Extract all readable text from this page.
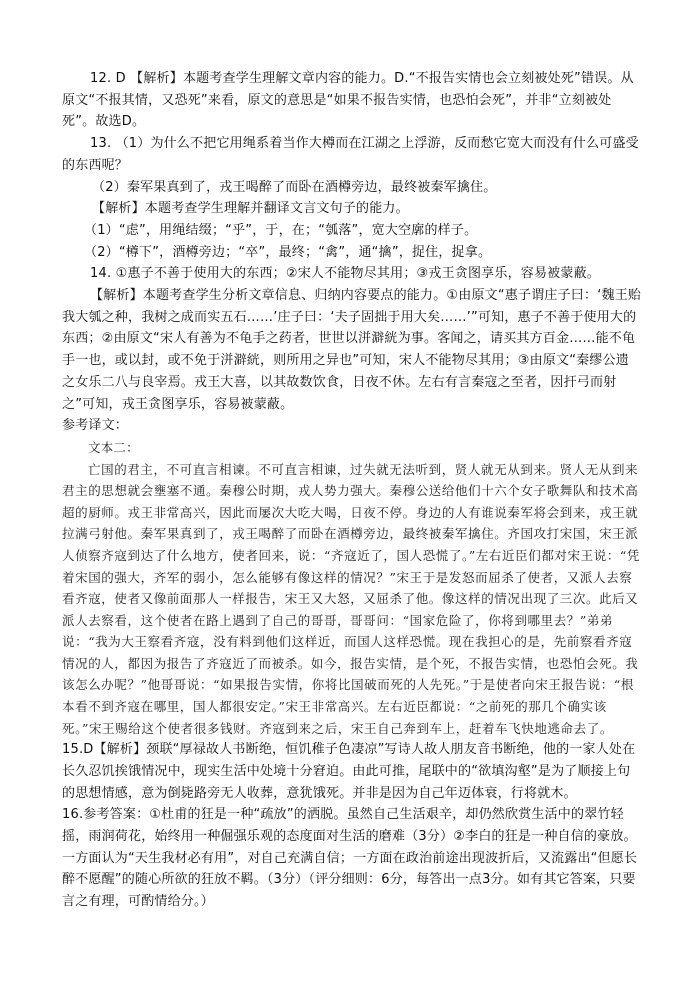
12. D 【解析】本题考查学生理解文章内容的能力。D.“不报告实情也会立刻被处死”错误。从原文“不报其情，又恐死”来看，原文的意思是“如果不报告实情，也恐怕会死”，并非“立刻被处死”。故选D。

13. （1）为什么不把它用绳系着当作大樽而在江湖之上浮游，反而愁它宽大而没有什么可盛受的东西呢？

（2）秦军果真到了，戎王喝醉了而卧在酒樽旁边，最终被秦军擒住。

【解析】本题考查学生理解并翻译文言文句子的能力。

（1）“虑”，用绳结缀；“乎”，于，在；“瓠落”，宽大空廓的样子。

（2）“樽下”，酒樽旁边；“卒”，最终；“禽”，通“擒”，捉住，捉拿。

14. ①惠子不善于使用大的东西；②宋人不能物尽其用；③戎王贪图享乐，容易被蒙蔽。

【解析】本题考查学生分析文章信息、归纳内容要点的能力。①由原文“惠子谓庄子曰：‘魏王贻我大瓠之种，我树之成而实五石……’庄子曰：‘夫子固拙于用大矣……’”可知，惠子不善于使用大的东西；②由原文“宋人有善为不龟手之药者，世世以洴澼絖为事。客闻之，请买其方百金……能不龟手一也，或以封，或不免于洴澼絖，则所用之异也”可知，宋人不能物尽其用；③由原文“秦缪公遗之女乐二八与良宰焉。戎王大喜，以其故数饮食，日夜不休。左右有言秦寇之至者，因扞弓而射之”可知，戎王贪图享乐，容易被蒙蔽。

参考译文：

文本二：

亡国的君主，不可直言相谏。不可直言相谏，过失就无法听到，贤人就无从到来。贤人无从到来君主的思想就会壅塞不通。秦穆公时期，戎人势力强大。秦穆公送给他们十六个女子歌舞队和技术高超的厨师。戎王非常高兴，因此而屡次大吃大喝，日夜不停。身边的人有谁说秦军将会到来，戎王就拉满弓射他。秦军果真到了，戎王喝醉了而卧在酒樽旁边，最终被秦军擒住。齐国攻打宋国，宋王派人侦察齐寇到达了什么地方，使者回来，说：“齐寇近了，国人恐慌了。”左右近臣们都对宋王说：“凭着宋国的强大，齐军的弱小，怎么能够有像这样的情况？”宋王于是发怒而屈杀了使者，又派人去察看齐寇，使者又像前面那人一样报告，宋王又大怒，又屈杀了他。像这样的情况出现了三次。此后又派人去察看，这个使者在路上遇到了自己的哥哥，哥哥问：“国家危险了，你将到哪里去？”弟弟说：“我为大王察看齐寇，没有料到他们这样近，而国人这样恐慌。现在我担心的是，先前察看齐寇情况的人，都因为报告了齐寇近了而被杀。如今，报告实情，是个死，不报告实情，也恐怕会死。我该怎么办呢？”他哥哥说：“如果报告实情，你将比国破而死的人先死。”于是使者向宋王报告说：“根本看不到齐寇在哪里，国人都很安定。”宋王非常高兴。左右近臣都说：“之前死的那几个确实该死。”宋王赐给这个使者很多钱财。齐寇到来之后，宋王自己奔到车上，赶着车飞快地逃命去了。

15.D【解析】颈联“厚禄故人书断绝，恒饥稚子色凄凉”写诗人故人朋友音书断绝，他的一家人处在长久忍饥挨饿情况中，现实生活中处境十分窘迫。由此可推，尾联中的“欲填沟壑”是为了顺接上句的思想情感，意为倒毙路旁无人收葬，意犹饿死。并非是因为自己年迈体衰，行将就木。

16.参考答案：①杜甫的狂是一种“疏放”的洒脱。虽然自己生活艰辛，却仍然欣赏生活中的翠竹轻摇，雨润荷花，始终用一种倔强乐观的态度面对生活的磨难（3分）②李白的狂是一种自信的豪放。一方面认为“天生我材必有用”，对自己充满自信；一方面在政治前途出现波折后，又流露出“但愿长醉不愿醒”的随心所欲的狂放不羁。（3分）（评分细则：6分，每答出一点3分。如有其它答案，只要言之有理，可酌情给分。）
